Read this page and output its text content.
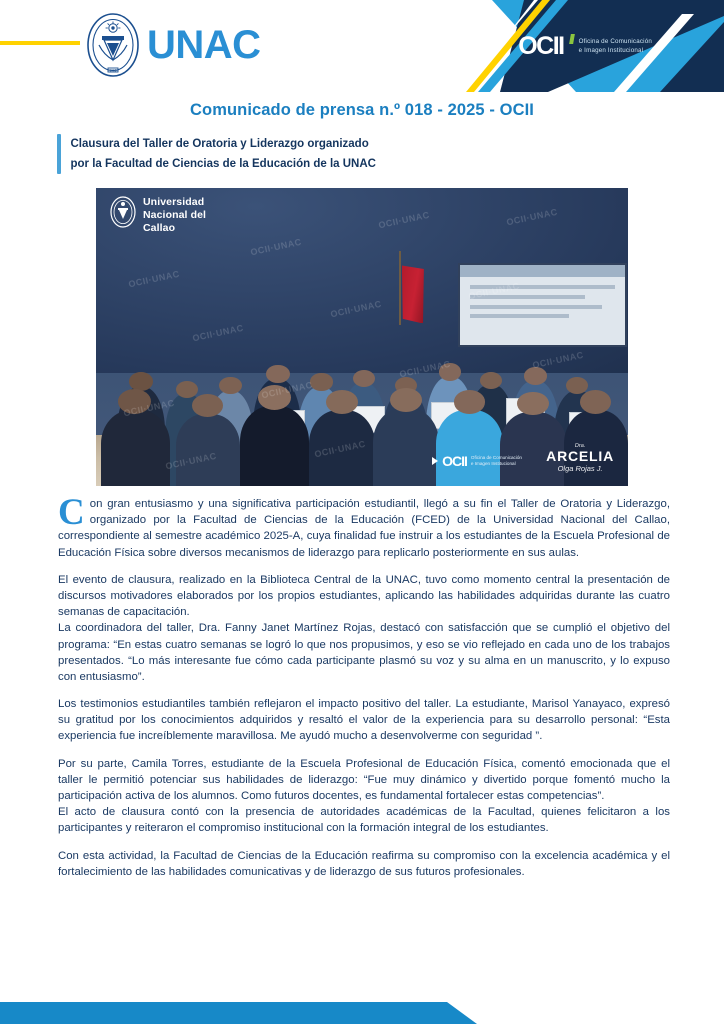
1966
UNAC	OCII Oficina de Comunicación
e Imagen Institucional
Comunicado de prensa n.º 018 - 2025 - OCII
Clausura del Taller de Oratoria y Liderazgo organizado
por la Facultad de Ciencias de la Educación de la UNAC
Universidad
Nacional del
Callao
OCII Oficina de Comunicación
e Imagen Institucional
Dra.
ARCELIA
Olga Rojas J.

Con gran entusiasmo y una significativa participación estudiantil, llegó a su fin el Taller de Oratoria y Liderazgo, organizado por la Facultad de Ciencias de la Educación (FCED) de la Universidad Nacional del Callao, correspondiente al semestre académico 2025-A, cuya finalidad fue instruir a los estudiantes de la Escuela Profesional de Educación Física sobre diversos mecanismos de liderazgo para replicarlo posteriormente en sus aulas.

El evento de clausura, realizado en la Biblioteca Central de la UNAC, tuvo como momento central la presentación de discursos motivadores elaborados por los propios estudiantes, aplicando las habilidades adquiridas durante las cuatro semanas de capacitación.

La coordinadora del taller, Dra. Fanny Janet Martínez Rojas, destacó con satisfacción que se cumplió el objetivo del programa: “En estas cuatro semanas se logró lo que nos propusimos, y eso se vio reflejado en cada uno de los trabajos presentados. “Lo más interesante fue cómo cada participante plasmó su voz y su alma en un manuscrito, y lo expuso con entusiasmo”.

Los testimonios estudiantiles también reflejaron el impacto positivo del taller. La estudiante, Marisol Yanayaco, expresó su gratitud por los conocimientos adquiridos y resaltó el valor de la experiencia para su desarrollo personal: “Esta experiencia fue increíblemente maravillosa. Me ayudó mucho a desenvolverme con seguridad ”.

Por su parte, Camila Torres, estudiante de la Escuela Profesional de Educación Física, comentó emocionada que el taller le permitió potenciar sus habilidades de liderazgo: “Fue muy dinámico y divertido porque fomentó mucho la participación activa de los alumnos. Como futuros docentes, es fundamental fortalecer estas competencias”.

El acto de clausura contó con la presencia de autoridades académicas de la Facultad, quienes felicitaron a los participantes y reiteraron el compromiso institucional con la formación integral de los estudiantes.

Con esta actividad, la Facultad de Ciencias de la Educación reafirma su compromiso con la excelencia académica y el fortalecimiento de las habilidades comunicativas y de liderazgo de sus futuros profesionales.
